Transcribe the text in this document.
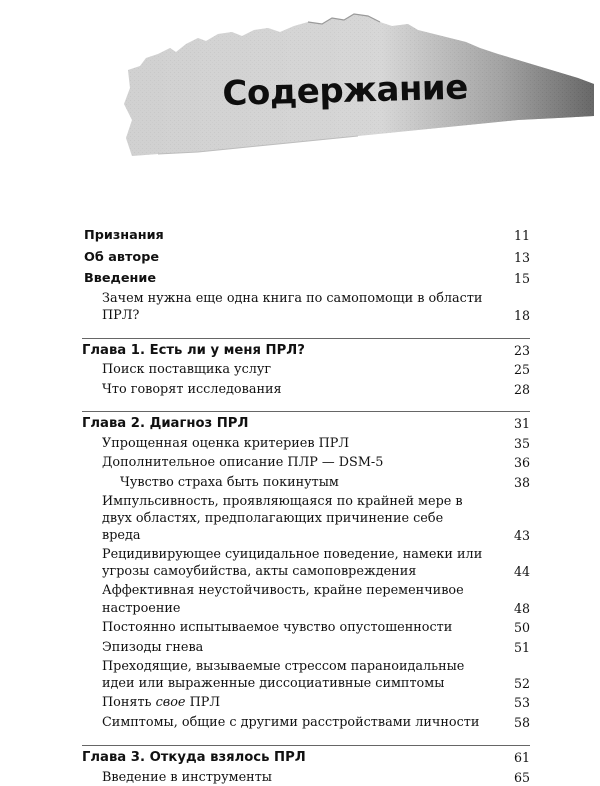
Содержание
Признания	11
Об авторе	13
Введение	15
Зачем нужна еще одна книга по самопомощи в области ПРЛ?	18
Глава 1. Есть ли у меня ПРЛ?	23
Поиск поставщика услуг	25
Что говорят исследования	28
Глава 2. Диагноз ПРЛ	31
Упрощенная оценка критериев ПРЛ	35
Дополнительное описание ПЛР — DSM-5	36
Чувство страха быть покинутым	38
Импульсивность, проявляющаяся по крайней мере в двух областях, предполагающих причинение себе вреда	43
Рецидивирующее суицидальное поведение, намеки или угрозы самоубийства, акты самоповреждения	44
Аффективная неустойчивость, крайне переменчивое настроение	48
Постоянно испытываемое чувство опустошенности	50
Эпизоды гнева	51
Преходящие, вызываемые стрессом параноидальные идеи или выраженные диссоциативные симптомы	52
Понять свое ПРЛ	53
Симптомы, общие с другими расстройствами личности	58
Глава 3. Откуда взялось ПРЛ	61
Введение в инструменты	65
